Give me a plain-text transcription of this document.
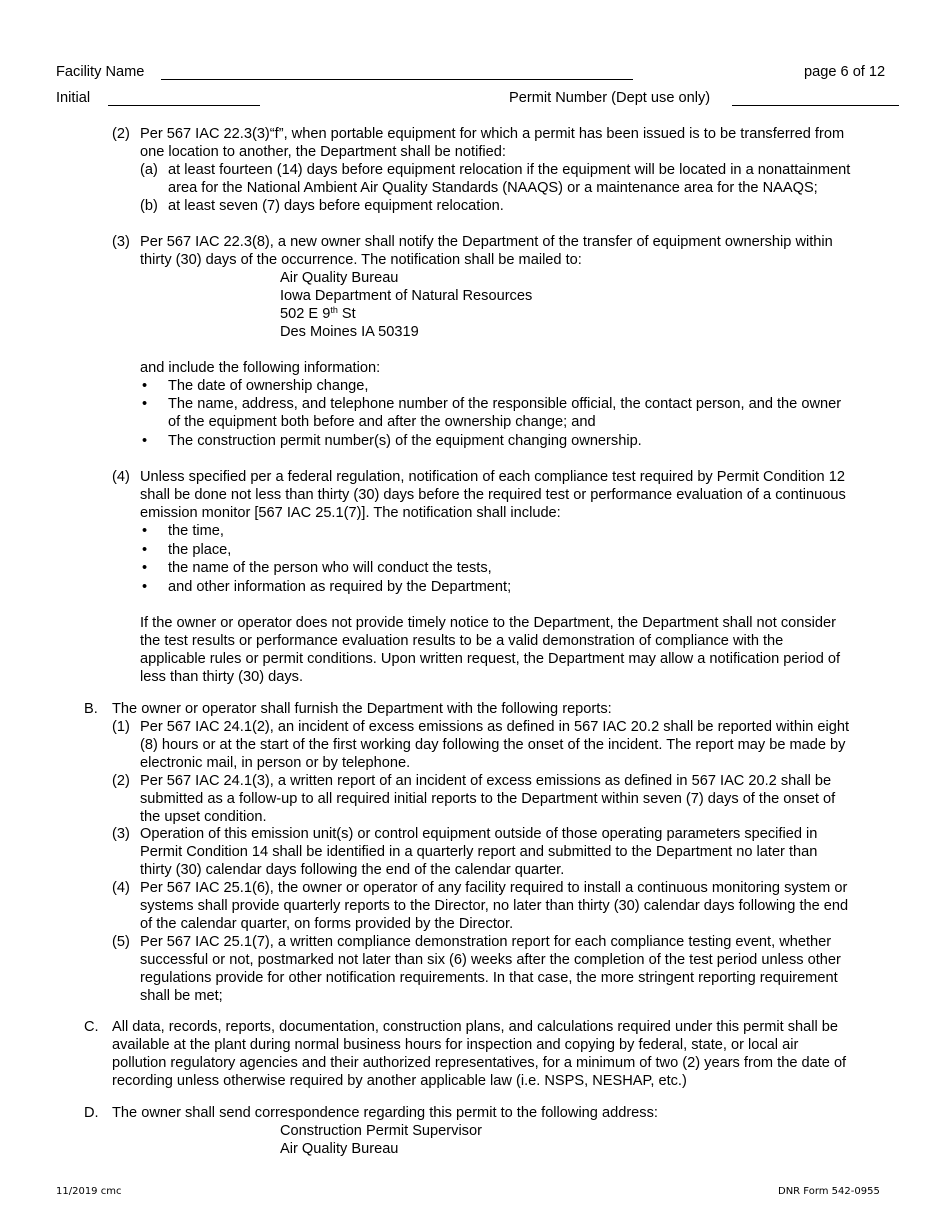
Facility Name	page 6 of 12
Initial	Permit Number (Dept use only)
(2) Per 567 IAC 22.3(3)“f”, when portable equipment for which a permit has been issued is to be transferred from
one location to another, the Department shall be notified:
(a) at least fourteen (14) days before equipment relocation if the equipment will be located in a nonattainment
area for the National Ambient Air Quality Standards (NAAQS) or a maintenance area for the NAAQS;
(b) at least seven (7) days before equipment relocation.
(3) Per 567 IAC 22.3(8), a new owner shall notify the Department of the transfer of equipment ownership within
thirty (30) days of the occurrence. The notification shall be mailed to:
Air Quality Bureau
Iowa Department of Natural Resources
502 E 9th St
Des Moines IA 50319
and include the following information:
• The date of ownership change,
• The name, address, and telephone number of the responsible official, the contact person, and the owner
of the equipment both before and after the ownership change; and
• The construction permit number(s) of the equipment changing ownership.
(4) Unless specified per a federal regulation, notification of each compliance test required by Permit Condition 12
shall be done not less than thirty (30) days before the required test or performance evaluation of a continuous
emission monitor [567 IAC 25.1(7)]. The notification shall include:
• the time,
• the place,
• the name of the person who will conduct the tests,
• and other information as required by the Department;
If the owner or operator does not provide timely notice to the Department, the Department shall not consider
the test results or performance evaluation results to be a valid demonstration of compliance with the
applicable rules or permit conditions. Upon written request, the Department may allow a notification period of
less than thirty (30) days.
B. The owner or operator shall furnish the Department with the following reports:
(1) Per 567 IAC 24.1(2), an incident of excess emissions as defined in 567 IAC 20.2 shall be reported within eight
(8) hours or at the start of the first working day following the onset of the incident. The report may be made by
electronic mail, in person or by telephone.
(2) Per 567 IAC 24.1(3), a written report of an incident of excess emissions as defined in 567 IAC 20.2 shall be
submitted as a follow-up to all required initial reports to the Department within seven (7) days of the onset of
the upset condition.
(3) Operation of this emission unit(s) or control equipment outside of those operating parameters specified in
Permit Condition 14 shall be identified in a quarterly report and submitted to the Department no later than
thirty (30) calendar days following the end of the calendar quarter.
(4) Per 567 IAC 25.1(6), the owner or operator of any facility required to install a continuous monitoring system or
systems shall provide quarterly reports to the Director, no later than thirty (30) calendar days following the end
of the calendar quarter, on forms provided by the Director.
(5) Per 567 IAC 25.1(7), a written compliance demonstration report for each compliance testing event, whether
successful or not, postmarked not later than six (6) weeks after the completion of the test period unless other
regulations provide for other notification requirements. In that case, the more stringent reporting requirement
shall be met;
C. All data, records, reports, documentation, construction plans, and calculations required under this permit shall be
available at the plant during normal business hours for inspection and copying by federal, state, or local air
pollution regulatory agencies and their authorized representatives, for a minimum of two (2) years from the date of
recording unless otherwise required by another applicable law (i.e. NSPS, NESHAP, etc.)
D. The owner shall send correspondence regarding this permit to the following address:
Construction Permit Supervisor
Air Quality Bureau
11/2019 cmc	DNR Form 542-0955
